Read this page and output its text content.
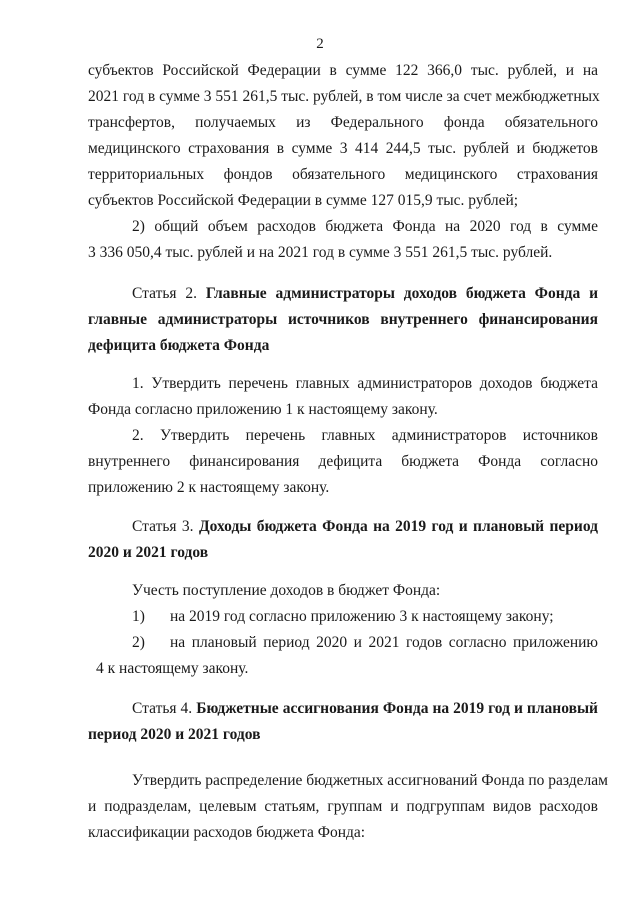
2
субъектов Российской Федерации в сумме 122 366,0 тыс. рублей, и на
2021 год в сумме 3 551 261,5 тыс. рублей, в том числе за счет межбюджетных
трансфертов, получаемых из Федерального фонда обязательного
медицинского страхования в сумме 3 414 244,5 тыс. рублей и бюджетов
территориальных фондов обязательного медицинского страхования
субъектов Российской Федерации в сумме 127 015,9 тыс. рублей;
2) общий объем расходов бюджета Фонда на 2020 год в сумме
3 336 050,4 тыс. рублей и на 2021 год в сумме 3 551 261,5 тыс. рублей.
Статья 2. Главные администраторы доходов бюджета Фонда и
главные администраторы источников внутреннего финансирования
дефицита бюджета Фонда
1. Утвердить перечень главных администраторов доходов бюджета
Фонда согласно приложению 1 к настоящему закону.
2. Утвердить перечень главных администраторов источников
внутреннего финансирования дефицита бюджета Фонда согласно
приложению 2 к настоящему закону.
Статья 3. Доходы бюджета Фонда на 2019 год и плановый период
2020 и 2021 годов
Учесть поступление доходов в бюджет Фонда:
1)	на 2019 год согласно приложению 3 к настоящему закону;
2)	на плановый период 2020 и 2021 годов согласно приложению
4 к настоящему закону.
Статья 4. Бюджетные ассигнования Фонда на 2019 год и плановый
период 2020 и 2021 годов
Утвердить распределение бюджетных ассигнований Фонда по разделам
и подразделам, целевым статьям, группам и подгруппам видов расходов
классификации расходов бюджета Фонда:
